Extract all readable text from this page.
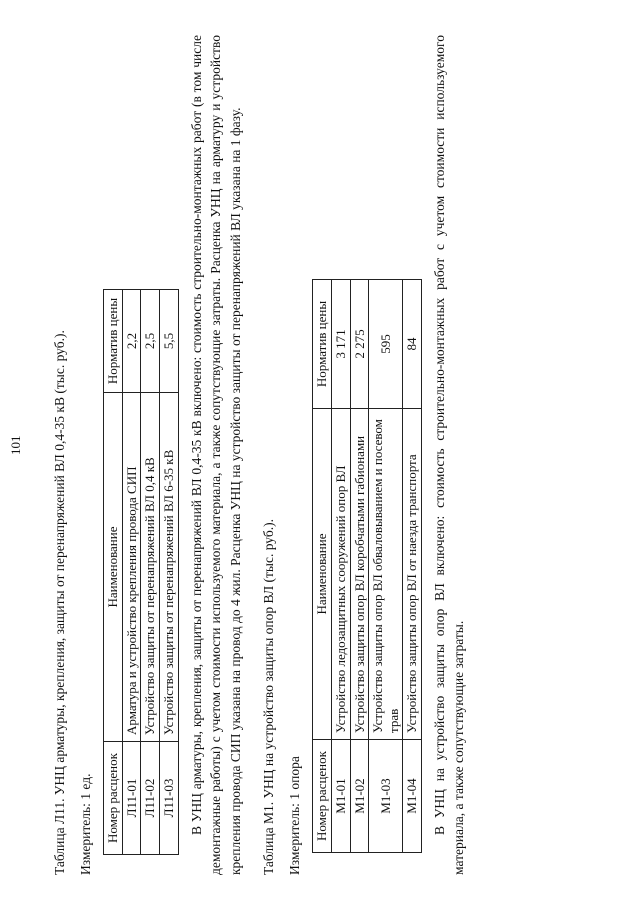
101 Таблица Л11. УНЦ арматуры, крепления, защиты от перенапряжений ВЛ 0,4-35 кВ (тыс. руб.). Измеритель: 1 ед. Номер расценок	Наименование	Норматив цены
Л11-01	Арматура и устройство крепления провода СИП	2,2
Л11-02	Устройство защиты от перенапряжений ВЛ 0,4 кВ	2,5
Л11-03	Устройство защиты от перенапряжений ВЛ 6-35 кВ	5,5 В УНЦ арматуры, крепления, защиты от перенапряжений ВЛ 0,4-35 кВ включено: стоимость строительно-монтажных работ (в том числе демонтажные работы) с учетом стоимости используемого материала, а также сопутствующие затраты. Расценка УНЦ на арматуру и устройство крепления провода СИП указана на провод до 4 жил. Расценка УНЦ на устройство защиты от перенапряжений ВЛ указана на 1 фазу. Таблица М1. УНЦ на устройство защиты опор ВЛ (тыс. руб.). Измеритель: 1 опора Номер расценок	Наименование	Норматив цены
М1-01	Устройство ледозащитных сооружений опор ВЛ	3 171
М1-02	Устройство защиты опор ВЛ коробчатыми габионами	2 275
М1-03	Устройство защиты опор ВЛ обваловыванием и посевом трав	595
М1-04	Устройство защиты опор ВЛ от наезда транспорта	84 В УНЦ на устройство защиты опор ВЛ включено: стоимость строительно-монтажных работ с учетом стоимости используемого материала, а также сопутствующие затраты.
